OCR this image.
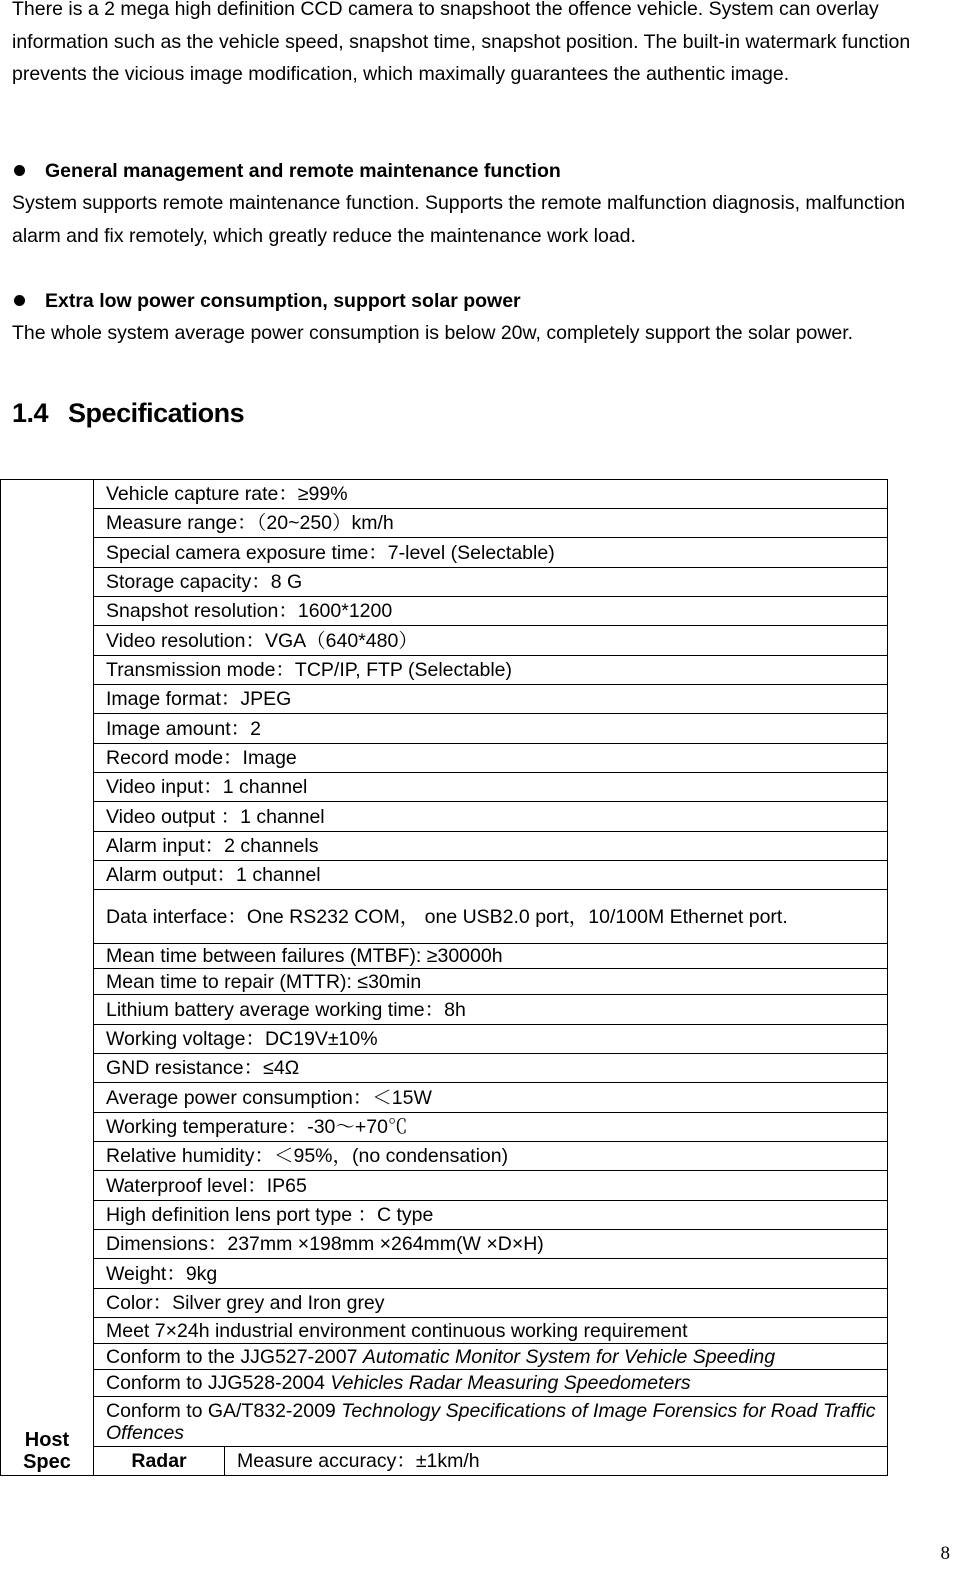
There is a 2 mega high definition CCD camera to snapshoot the offence vehicle. System can overlay information such as the vehicle speed, snapshot time, snapshot position. The built-in watermark function prevents the vicious image modification, which maximally guarantees the authentic image.
General management and remote maintenance function
System supports remote maintenance function. Supports the remote malfunction diagnosis, malfunction alarm and fix remotely, which greatly reduce the maintenance work load.
Extra low power consumption, support solar power
The whole system average power consumption is below 20w, completely support the solar power.
1.4 Specifications
Host
Spec	Vehicle capture rate：≥99%	
	Measure range：（20~250）km/h	
	Special camera exposure time：7-level (Selectable)	
	Storage capacity：8 G	
	Snapshot resolution：1600*1200	
	Video resolution：VGA（640*480）	
	Transmission mode：TCP/IP, FTP (Selectable)	
	Image format：JPEG	
	Image amount：2	
	Record mode：Image	
	Video input：1 channel	
	Video output ：1 channel	
	Alarm input：2 channels	
	Alarm output：1 channel	
	Data interface：One RS232 COM， one USB2.0 port，10/100M Ethernet port.	
	Mean time between failures (MTBF): ≥30000h	
	Mean time to repair (MTTR): ≤30min	
	Lithium battery average working time：8h	
	Working voltage：DC19V±10%	
	GND resistance：≤4Ω	
	Average power consumption：＜15W	
	Working temperature：-30～+70℃	
	Relative humidity：＜95%，(no condensation)	
	Waterproof level：IP65	
	High definition lens port type ：C type	
	Dimensions：237mm ×198mm ×264mm(W ×D×H)	
	Weight：9kg	
	Color：Silver grey and Iron grey	
	Meet 7×24h industrial environment continuous working requirement	
	Conform to the JJG527-2007 Automatic Monitor System for Vehicle Speeding	
	Conform to JJG528-2004 Vehicles Radar Measuring Speedometers	
	Conform to GA/T832-2009 Technology Specifications of Image Forensics for Road Traffic Offences	
	Radar	Measure accuracy：±1km/h
8
